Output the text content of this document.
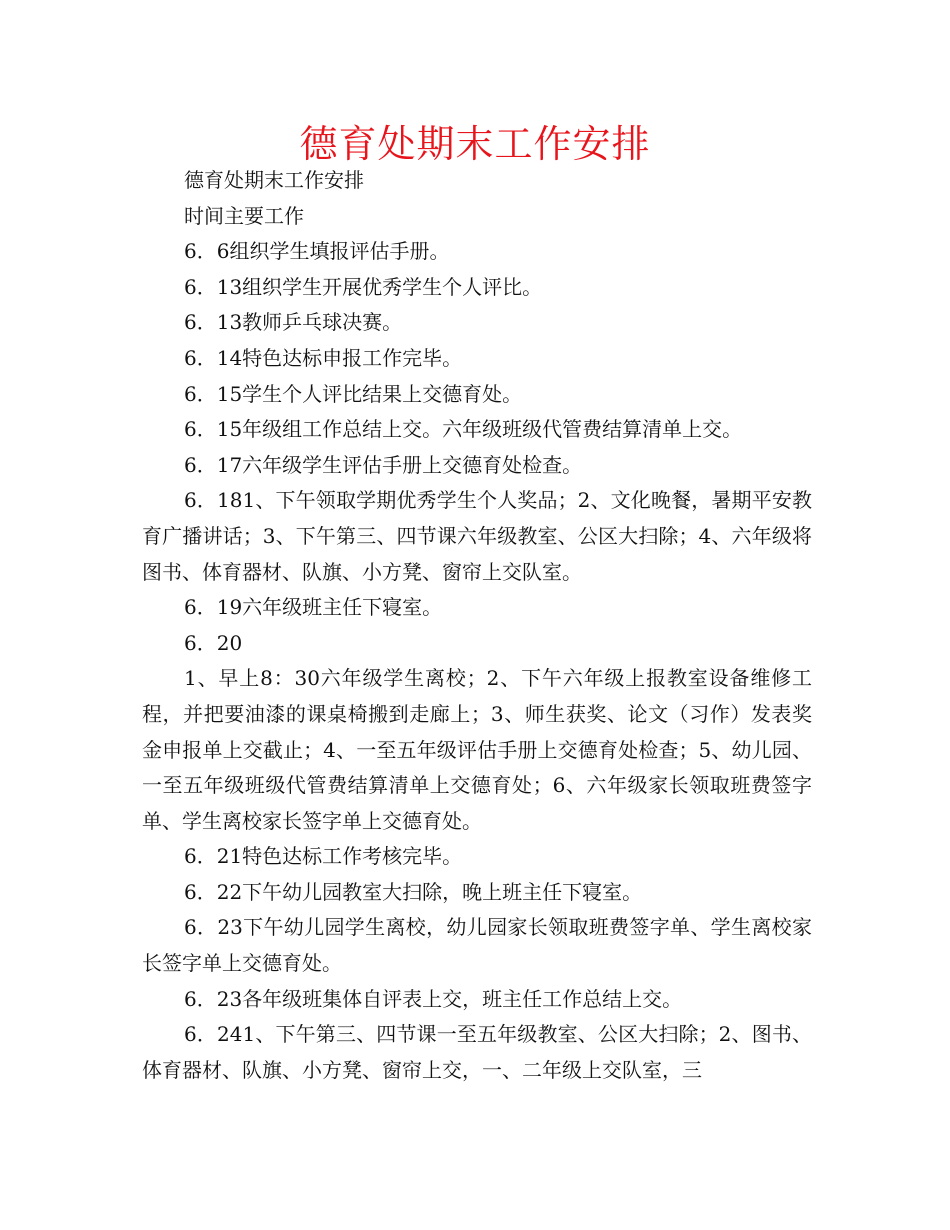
德育处期末工作安排

德育处期末工作安排

时间主要工作

6．6组织学生填报评估手册。

6．13组织学生开展优秀学生个人评比。

6．13教师乒乓球决赛。

6．14特色达标申报工作完毕。

6．15学生个人评比结果上交德育处。

6．15年级组工作总结上交。六年级班级代管费结算清单上交。

6．17六年级学生评估手册上交德育处检查。

6．181、下午领取学期优秀学生个人奖品；2、文化晚餐，暑期平安教育广播讲话；3、下午第三、四节课六年级教室、公区大扫除；4、六年级将图书、体育器材、队旗、小方凳、窗帘上交队室。

6．19六年级班主任下寝室。

6．20

1、早上8：30六年级学生离校；2、下午六年级上报教室设备维修工程，并把要油漆的课桌椅搬到走廊上；3、师生获奖、论文（习作）发表奖金申报单上交截止；4、一至五年级评估手册上交德育处检查；5、幼儿园、一至五年级班级代管费结算清单上交德育处；6、六年级家长领取班费签字单、学生离校家长签字单上交德育处。

6．21特色达标工作考核完毕。

6．22下午幼儿园教室大扫除，晚上班主任下寝室。

6．23下午幼儿园学生离校，幼儿园家长领取班费签字单、学生离校家长签字单上交德育处。

6．23各年级班集体自评表上交，班主任工作总结上交。

6．241、下午第三、四节课一至五年级教室、公区大扫除；2、图书、体育器材、队旗、小方凳、窗帘上交，一、二年级上交队室，三
